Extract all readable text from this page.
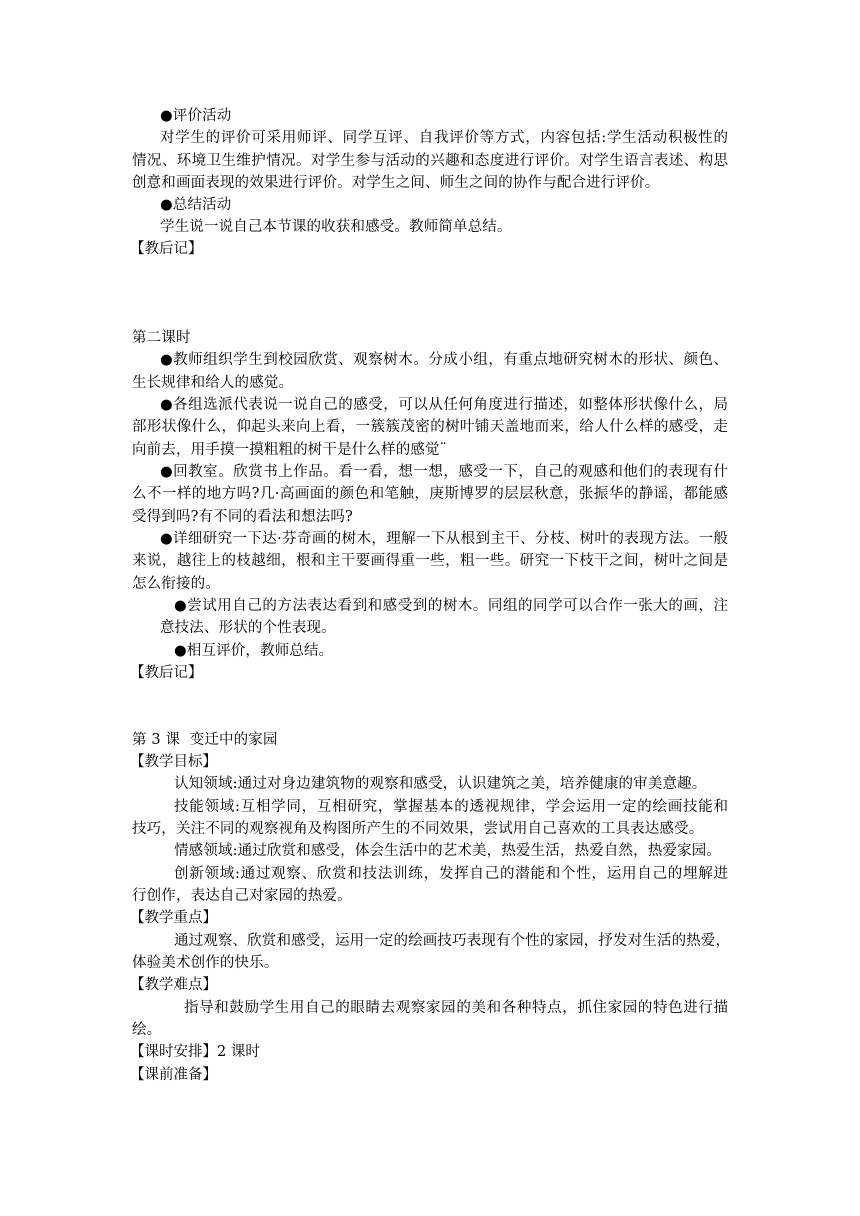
●评价活动
对学生的评价可采用师评、同学互评、自我评价等方式，内容包括:学生活动积极性的
情况、环境卫生维护情况。对学生参与活动的兴趣和态度进行评价。对学生语言表述、构思
创意和画面表现的效果进行评价。对学生之间、师生之间的协作与配合进行评价。
●总结活动
学生说一说自己本节课的收获和感受。教师简单总结。
【教后记】
第二课时
●教师组织学生到校园欣赏、观察树木。分成小组，有重点地研究树木的形状、颜色、
生长规律和给人的感觉。
●各组选派代表说一说自己的感受，可以从任何角度进行描述，如整体形状像什么，局
部形状像什么，仰起头来向上看，一簇簇茂密的树叶铺天盖地而来，给人什么样的感受，走
向前去，用手摸一摸粗粗的树干是什么样的感觉¨
●回教室。欣赏书上作品。看一看，想一想，感受一下，自己的观感和他们的表现有什
么不一样的地方吗?几·高画面的颜色和笔触，庚斯博罗的层层秋意，张振华的静谣，都能感
受得到吗?有不同的看法和想法吗?
●详细研究一下达·芬奇画的树木，理解一下从根到主干、分枝、树叶的表现方法。一般
来说，越往上的枝越细，根和主干要画得重一些，粗一些。研究一下枝干之间，树叶之间是
怎么衔接的。
●尝试用自己的方法表达看到和感受到的树木。同组的同学可以合作一张大的画，注
意技法、形状的个性表现。
●相互评价，教师总结。
【教后记】
第 3 课  变迁中的家园
【教学目标】
认知领域:通过对身边建筑物的观察和感受，认识建筑之美，培养健康的审美意趣。
技能领域:互相学同，互相研究，掌握基本的透视规律，学会运用一定的绘画技能和
技巧，关注不同的观察视角及构图所产生的不同效果，尝试用自己喜欢的工具表达感受。
情感领域:通过欣赏和感受，体会生活中的艺术美，热爱生活，热爱自然，热爱家园。
创新领域:通过观察、欣赏和技法训练，发挥自己的潜能和个性，运用自己的埋解进
行创作，表达自己对家园的热爱。
【教学重点】
通过观察、欣赏和感受，运用一定的绘画技巧表现有个性的家园，抒发对生活的热爱，
体验美术创作的快乐。
【教学难点】
指导和鼓励学生用自己的眼睛去观察家园的美和各种特点，抓住家园的特色进行描
绘。
【课时安排】2 课时
【课前准备】
